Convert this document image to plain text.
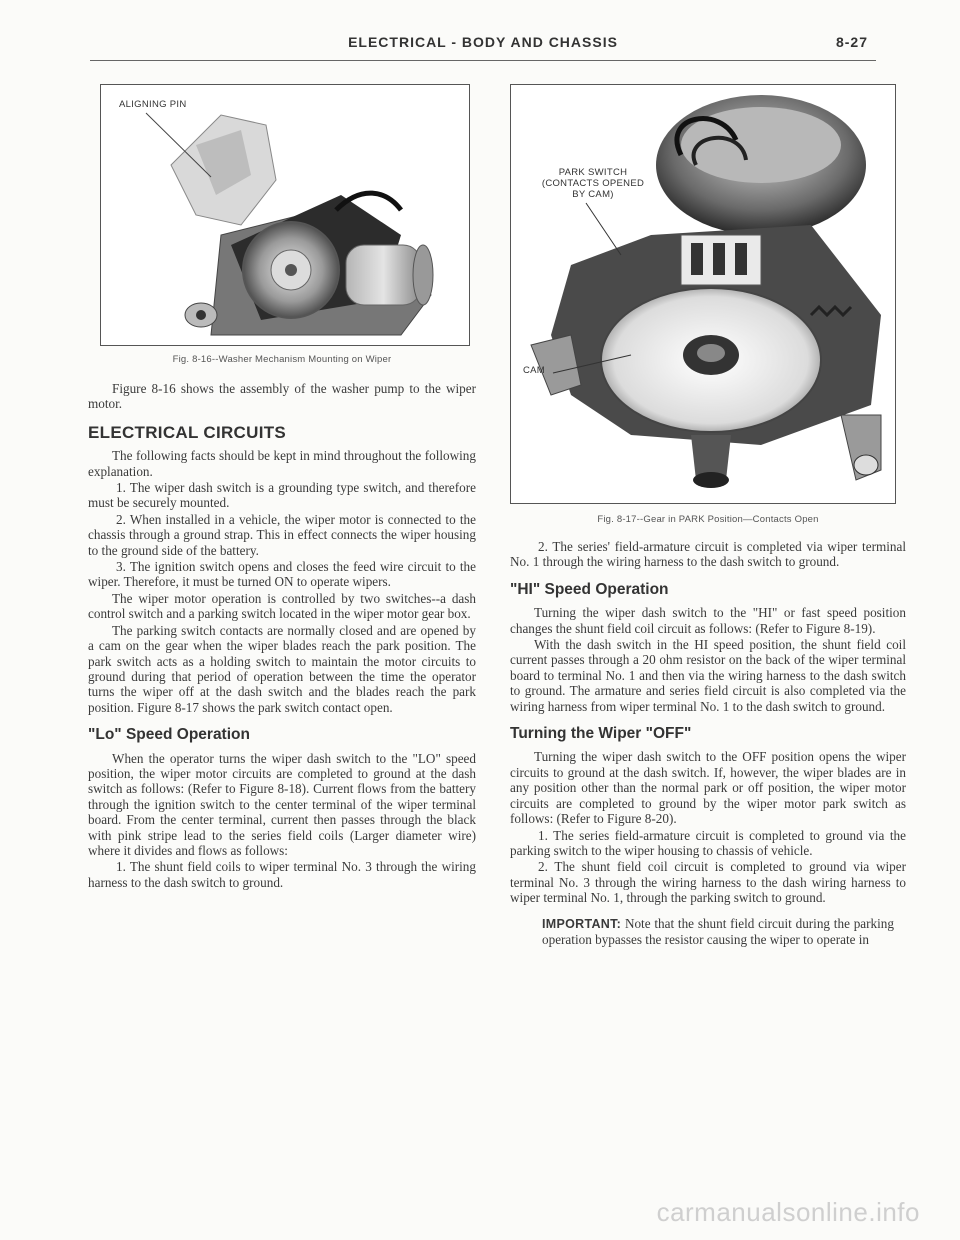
ELECTRICAL - BODY AND CHASSIS	8-27
ALIGNING PIN
Fig. 8-16--Washer Mechanism Mounting on Wiper

Figure 8-16 shows the assembly of the washer pump to the wiper motor.

ELECTRICAL CIRCUITS

The following facts should be kept in mind throughout the following explanation.

1. The wiper dash switch is a grounding type switch, and therefore must be securely mounted.

2. When installed in a vehicle, the wiper motor is connected to the chassis through a ground strap. This in effect connects the wiper housing to the ground side of the battery.

3. The ignition switch opens and closes the feed wire circuit to the wiper. Therefore, it must be turned ON to operate wipers.

The wiper motor operation is controlled by two switches--a dash control switch and a parking switch located in the wiper motor gear box.

The parking switch contacts are normally closed and are opened by a cam on the gear when the wiper blades reach the park position. The park switch acts as a holding switch to maintain the motor circuits to ground during that period of operation between the time the operator turns the wiper off at the dash switch and the blades reach the park position. Figure 8-17 shows the park switch contact open.

"Lo" Speed Operation

When the operator turns the wiper dash switch to the "LO" speed position, the wiper motor circuits are completed to ground at the dash switch as follows: (Refer to Figure 8-18). Current flows from the battery through the ignition switch to the center terminal of the wiper terminal board. From the center terminal, current then passes through the black with pink stripe lead to the series field coils (Larger diameter wire) where it divides and flows as follows:

1. The shunt field coils to wiper terminal No. 3 through the wiring harness to the dash switch to ground.

PARK SWITCH
(CONTACTS OPENED
BY CAM)
CAM
Fig. 8-17--Gear in PARK Position—Contacts Open

2. The series' field-armature circuit is completed via wiper terminal No. 1 through the wiring harness to the dash switch to ground.

"HI" Speed Operation

Turning the wiper dash switch to the "HI" or fast speed position changes the shunt field coil circuit as follows: (Refer to Figure 8-19).

With the dash switch in the HI speed position, the shunt field coil current passes through a 20 ohm resistor on the back of the wiper terminal board to terminal No. 1 and then via the wiring harness to the dash switch to ground. The armature and series field circuit is also completed via the wiring harness from wiper terminal No. 1 to the dash switch to ground.

Turning the Wiper "OFF"

Turning the wiper dash switch to the OFF position opens the wiper circuits to ground at the dash switch. If, however, the wiper blades are in any position other than the normal park or off position, the wiper motor circuits are completed to ground by the wiper motor park switch as follows: (Refer to Figure 8-20).

1. The series field-armature circuit is completed to ground via the parking switch to the wiper housing to chassis of vehicle.

2. The shunt field coil circuit is completed to ground via wiper terminal No. 3 through the wiring harness to the dash wiring harness to wiper terminal No. 1, through the parking switch to ground.

IMPORTANT: Note that the shunt field circuit during the parking operation bypasses the resistor causing the wiper to operate in

carmanualsonline.info
